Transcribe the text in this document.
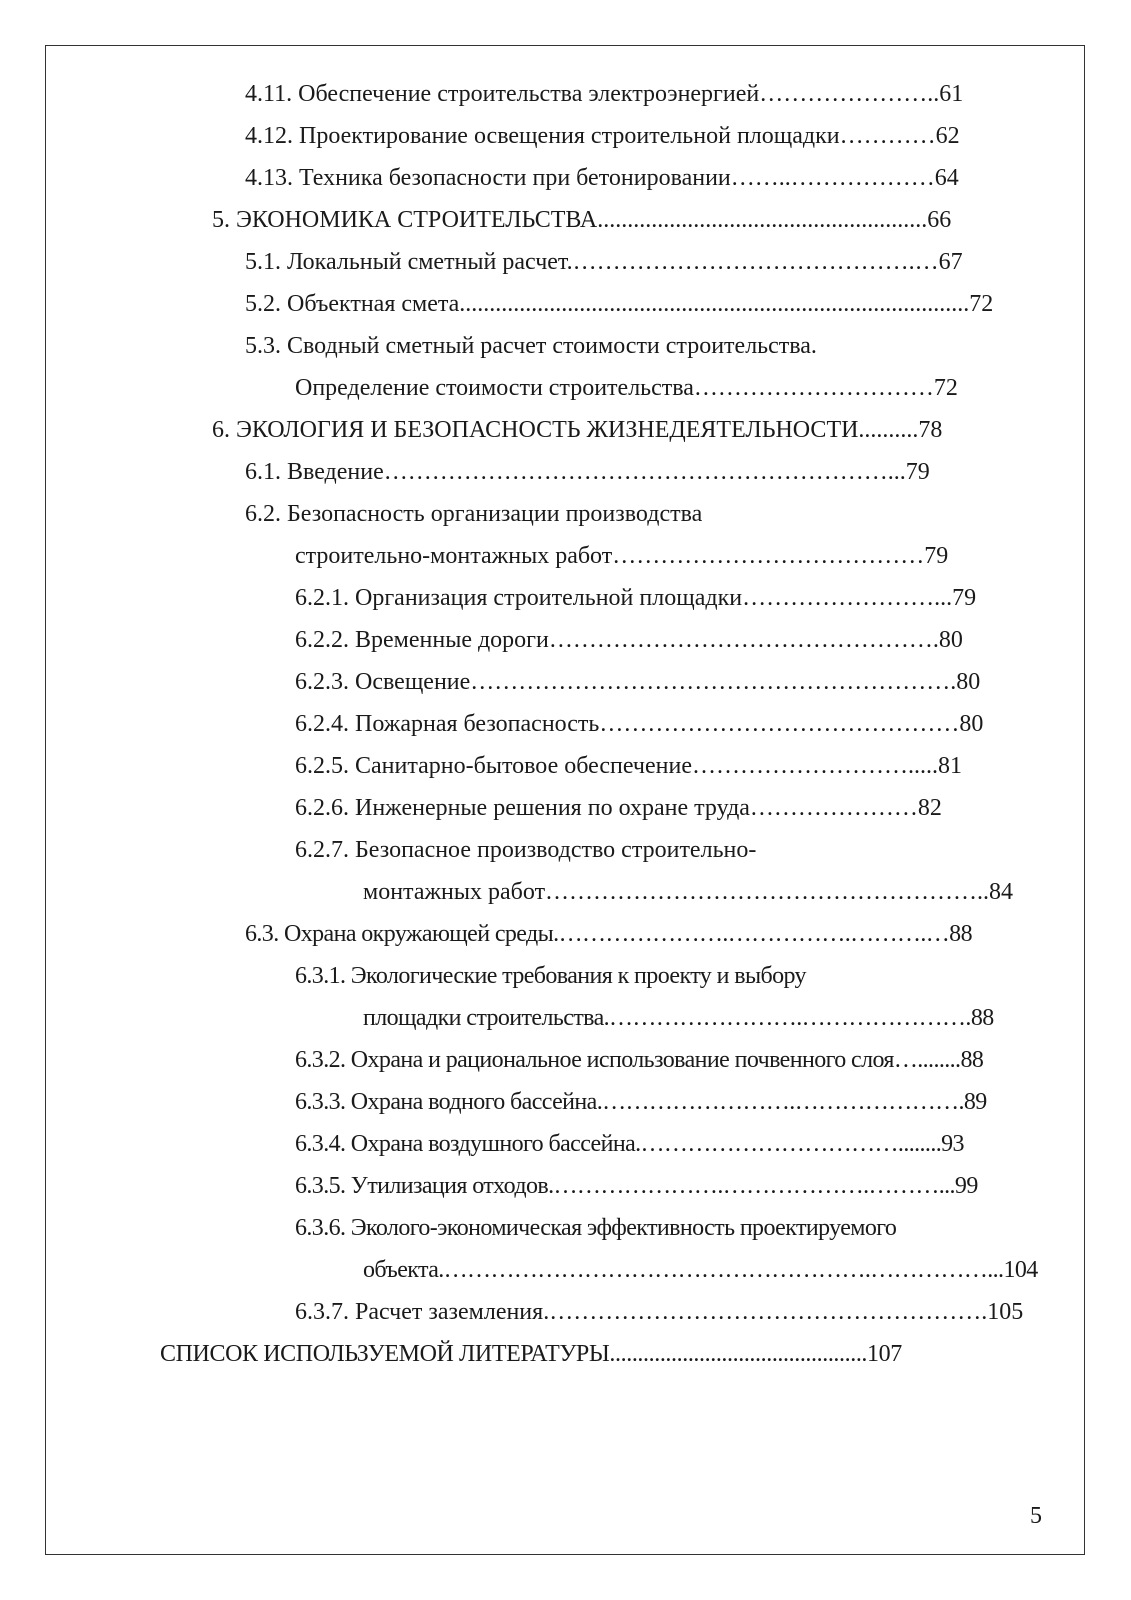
4.11. Обеспечение строительства электроэнергией…………………..61
4.12. Проектирование освещения строительной площадки…………62
4.13. Техника безопасности при бетонировании……..………………64
5. ЭКОНОМИКА СТРОИТЕЛЬСТВА.......................................................66
5.1. Локальный сметный расчет.…………………………………….…67
5.2. Объектная смета.....................................................................................72
5.3. Сводный сметный расчет стоимости строительства.
Определение стоимости строительства…………………………72
6. ЭКОЛОГИЯ И БЕЗОПАСНОСТЬ ЖИЗНЕДЕЯТЕЛЬНОСТИ..........78
6.1. Введение………………………………………………………...79
6.2. Безопасность организации производства
строительно-монтажных работ…………………………………79
6.2.1. Организация строительной площадки……………………...79
6.2.2. Временные дороги………………………………………….80
6.2.3. Освещение…………………………………………………….80
6.2.4. Пожарная безопасность………………………………………80
6.2.5. Санитарно-бытовое обеспечение……………………….....81
6.2.6. Инженерные решения по охране труда…………………82
6.2.7. Безопасное производство строительно-
монтажных работ………………………………………………..84
6.3. Охрана окружающей среды.………………….…………….……….…88
6.3.1. Экологические требования к проекту и выбору
площадки строительства.…………………….………………….88
6.3.2. Охрана и рациональное использование почвенного слоя…........88
6.3.3. Охрана водного бассейна.…………………….………………….89
6.3.4. Охрана воздушного бассейна.……………………………........93
6.3.5. Утилизация отходов.………………….……………….………...99
6.3.6. Эколого-экономическая эффективность проектируемого
объекта.……………………………………………….……………...104
6.3.7. Расчет заземления.……………………………………………….105
СПИСОК ИСПОЛЬЗУЕМОЙ ЛИТЕРАТУРЫ..............................................107
5
